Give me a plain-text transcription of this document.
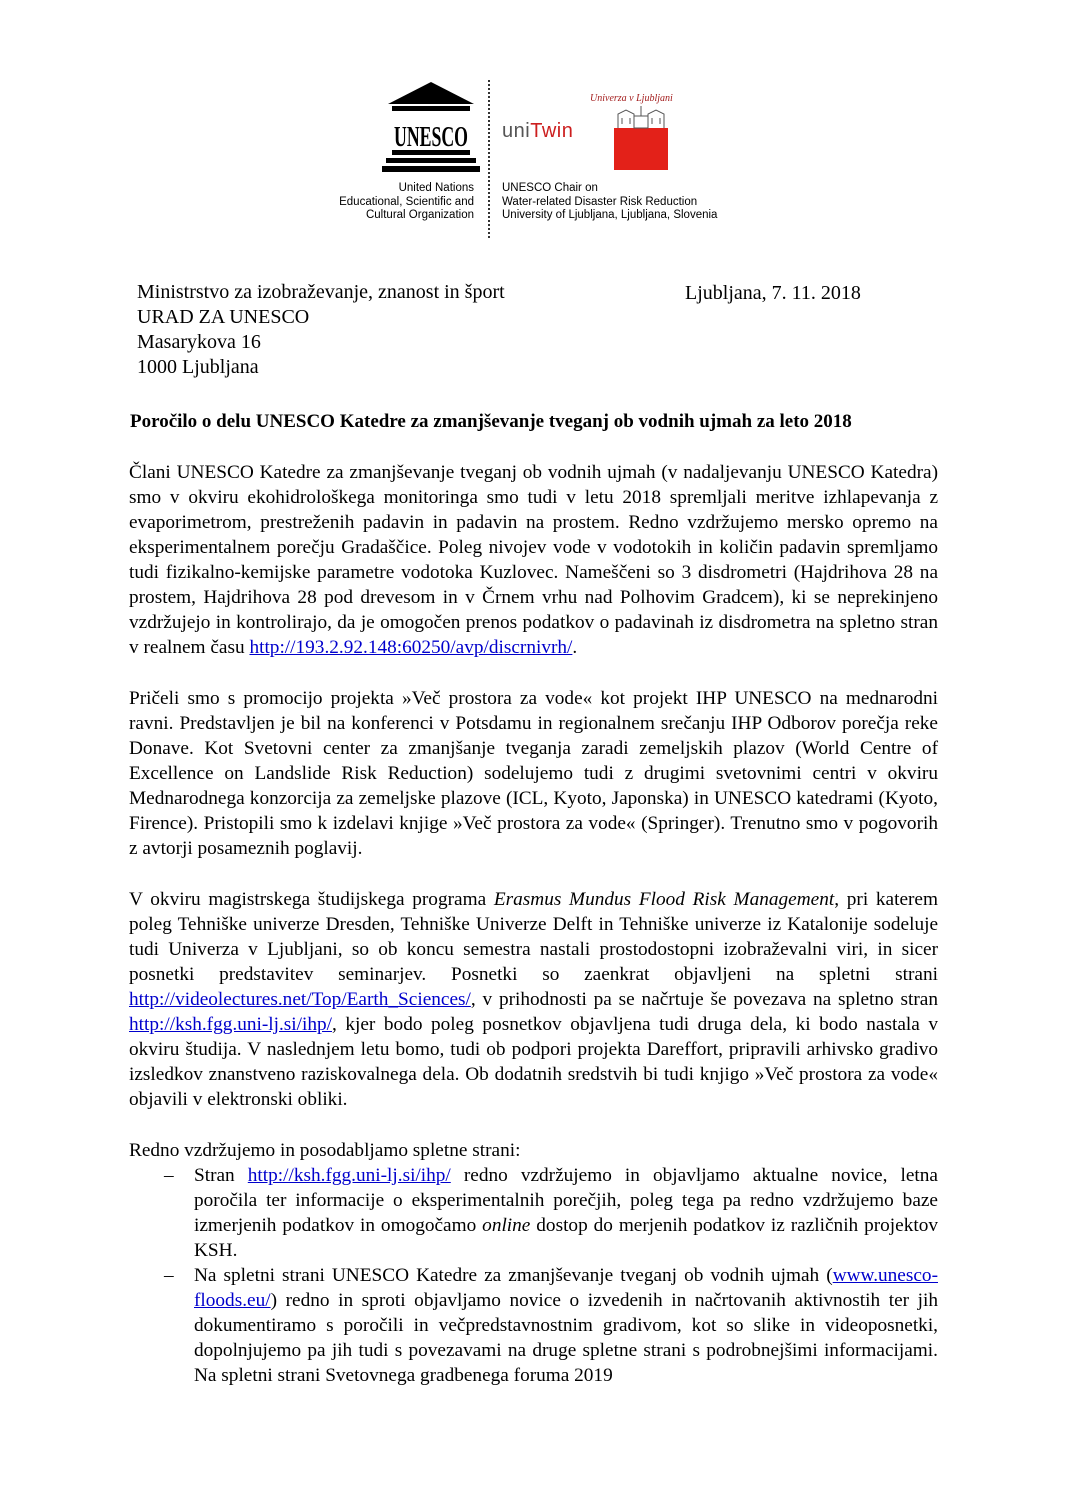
UNESCO
United Nations
Educational, Scientific and
Cultural Organization
uniTwin
Univerza v Ljubljani
UNESCO Chair on
Water-related Disaster Risk Reduction
University of Ljubljana, Ljubljana, Slovenia
Ministrstvo za izobraževanje, znanost in šport
URAD ZA UNESCO
Masarykova 16
1000 Ljubljana
Ljubljana, 7. 11. 2018
Poročilo o delu UNESCO Katedre za zmanjševanje tveganj ob vodnih ujmah za leto 2018

Člani UNESCO Katedre za zmanjševanje tveganj ob vodnih ujmah (v nadaljevanju UNESCO Katedra) smo v okviru ekohidrološkega monitoringa smo tudi v letu 2018 spremljali meritve izhlapevanja z evaporimetrom, prestreženih padavin in padavin na prostem. Redno vzdržujemo mersko opremo na eksperimentalnem porečju Gradaščice. Poleg nivojev vode v vodotokih in količin padavin spremljamo tudi fizikalno-kemijske parametre vodotoka Kuzlovec. Nameščeni so 3 disdrometri (Hajdrihova 28 na prostem, Hajdrihova 28 pod drevesom in v Črnem vrhu nad Polhovim Gradcem), ki se neprekinjeno vzdržujejo in kontrolirajo, da je omogočen prenos podatkov o padavinah iz disdrometra na spletno stran v realnem času http://193.2.92.148:60250/avp/discrnivrh/.

Pričeli smo s promocijo projekta »Več prostora za vode« kot projekt IHP UNESCO na mednarodni ravni. Predstavljen je bil na konferenci v Potsdamu in regionalnem srečanju IHP Odborov porečja reke Donave. Kot Svetovni center za zmanjšanje tveganja zaradi zemeljskih plazov (World Centre of Excellence on Landslide Risk Reduction) sodelujemo tudi z drugimi svetovnimi centri v okviru Mednarodnega konzorcija za zemeljske plazove (ICL, Kyoto, Japonska) in UNESCO katedrami (Kyoto, Firence). Pristopili smo k izdelavi knjige »Več prostora za vode« (Springer). Trenutno smo v pogovorih z avtorji posameznih poglavij.

V okviru magistrskega študijskega programa Erasmus Mundus Flood Risk Management, pri katerem poleg Tehniške univerze Dresden, Tehniške Univerze Delft in Tehniške univerze iz Katalonije sodeluje tudi Univerza v Ljubljani, so ob koncu semestra nastali prostodostopni izobraževalni viri, in sicer posnetki predstavitev seminarjev. Posnetki so zaenkrat objavljeni na spletni strani http://videolectures.net/Top/Earth_Sciences/, v prihodnosti pa se načrtuje še povezava na spletno stran http://ksh.fgg.uni-lj.si/ihp/, kjer bodo poleg posnetkov objavljena tudi druga dela, ki bodo nastala v okviru študija. V naslednjem letu bomo, tudi ob podpori projekta Dareffort, pripravili arhivsko gradivo izsledkov znanstveno raziskovalnega dela. Ob dodatnih sredstvih bi tudi knjigo »Več prostora za vode« objavili v elektronski obliki.

Redno vzdržujemo in posodabljamo spletne strani:

– Stran http://ksh.fgg.uni-lj.si/ihp/ redno vzdržujemo in objavljamo aktualne novice, letna poročila ter informacije o eksperimentalnih porečjih, poleg tega pa redno vzdržujemo baze izmerjenih podatkov in omogočamo online dostop do merjenih podatkov iz različnih projektov KSH.
– Na spletni strani UNESCO Katedre za zmanjševanje tveganj ob vodnih ujmah (www.unesco-floods.eu/) redno in sproti objavljamo novice o izvedenih in načrtovanih aktivnostih ter jih dokumentiramo s poročili in večpredstavnostnim gradivom, kot so slike in videoposnetki, dopolnjujemo pa jih tudi s povezavami na druge spletne strani s podrobnejšimi informacijami. Na spletni strani Svetovnega gradbenega foruma 2019
